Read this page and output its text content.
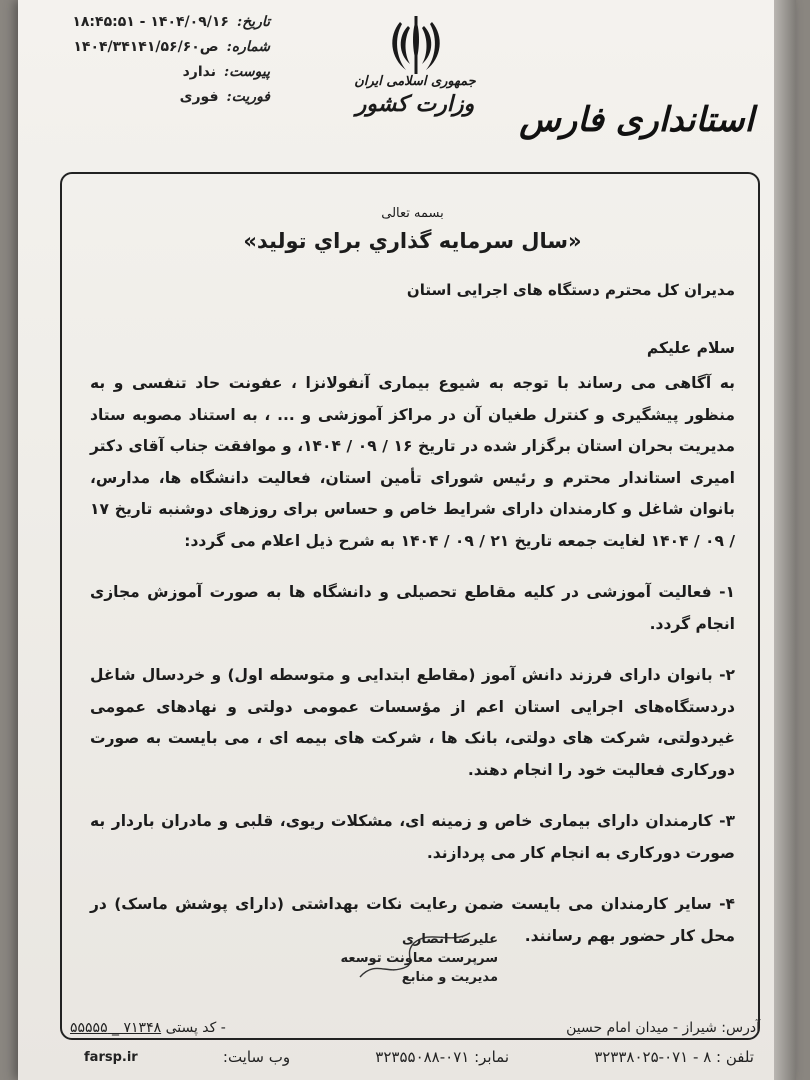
تاریخ:
۱۴۰۴/۰۹/۱۶ - ۱۸:۴۵:۵۱
شماره:
ص۱۴۰۴/۳۴۱۴۱/۵۶/۶۰
پیوست:
ندارد
فوریت:
فوری
جمهوری اسلامی ایران
وزارت کشور	استانداری فارس
بسمه تعالی
«سال سرمایه گذاري براي توليد»
مدیران کل محترم دستگاه های اجرایی استان
سلام علیکم
به آگاهی می رساند با توجه به شیوع بیماری آنفولانزا ، عفونت حاد تنفسی و به منظور پیشگیری و کنترل طغیان آن در مراکز آموزشی و ... ، به استناد مصوبه ستاد مدیریت بحران استان برگزار شده در تاریخ ۱۶ / ۰۹ / ۱۴۰۴، و موافقت جناب آقای دکتر امیری استاندار محترم و رئیس شورای تأمین استان، فعالیت دانشگاه ها، مدارس، بانوان شاغل و کارمندان دارای شرایط خاص و حساس برای روزهای دوشنبه تاریخ ۱۷ / ۰۹ / ۱۴۰۴ لغایت جمعه تاریخ ۲۱ / ۰۹ / ۱۴۰۴ به شرح ذیل اعلام می گردد:
۱- فعالیت آموزشی در کلیه مقاطع تحصیلی و دانشگاه ها به صورت آموزش مجازی انجام گردد.
۲- بانوان دارای فرزند دانش آموز (مقاطع ابتدایی و متوسطه اول) و خردسال شاغل دردستگاه‌های اجرایی استان اعم از مؤسسات عمومی دولتی و نهادهای عمومی غیردولتی، شرکت های دولتی، بانک ها ، شرکت های بیمه ای ، می بایست به صورت دورکاری فعالیت خود را انجام دهند.
۳- کارمندان دارای بیماری خاص و زمینه ای، مشکلات ریوی، قلبی و مادران باردار به صورت دورکاری به انجام کار می پردازند.
۴- سایر کارمندان می بایست ضمن رعایت نکات بهداشتی (دارای پوشش ماسک) در محل کار حضور بهم رسانند.
علیرضا انصاری
سرپرست معاونت توسعه مدیریت و منابع
آدرس: شیراز - میدان امام حسین
- کد پستی ۷۱۳۴۸ _ ۵۵۵۵۵
تلفن : ۸ - ۰۷۱-۳۲۳۳۸۰۲۵
نمابر: ۰۷۱-۳۲۳۵۵۰۸۸
وب سایت:
farsp.ir
